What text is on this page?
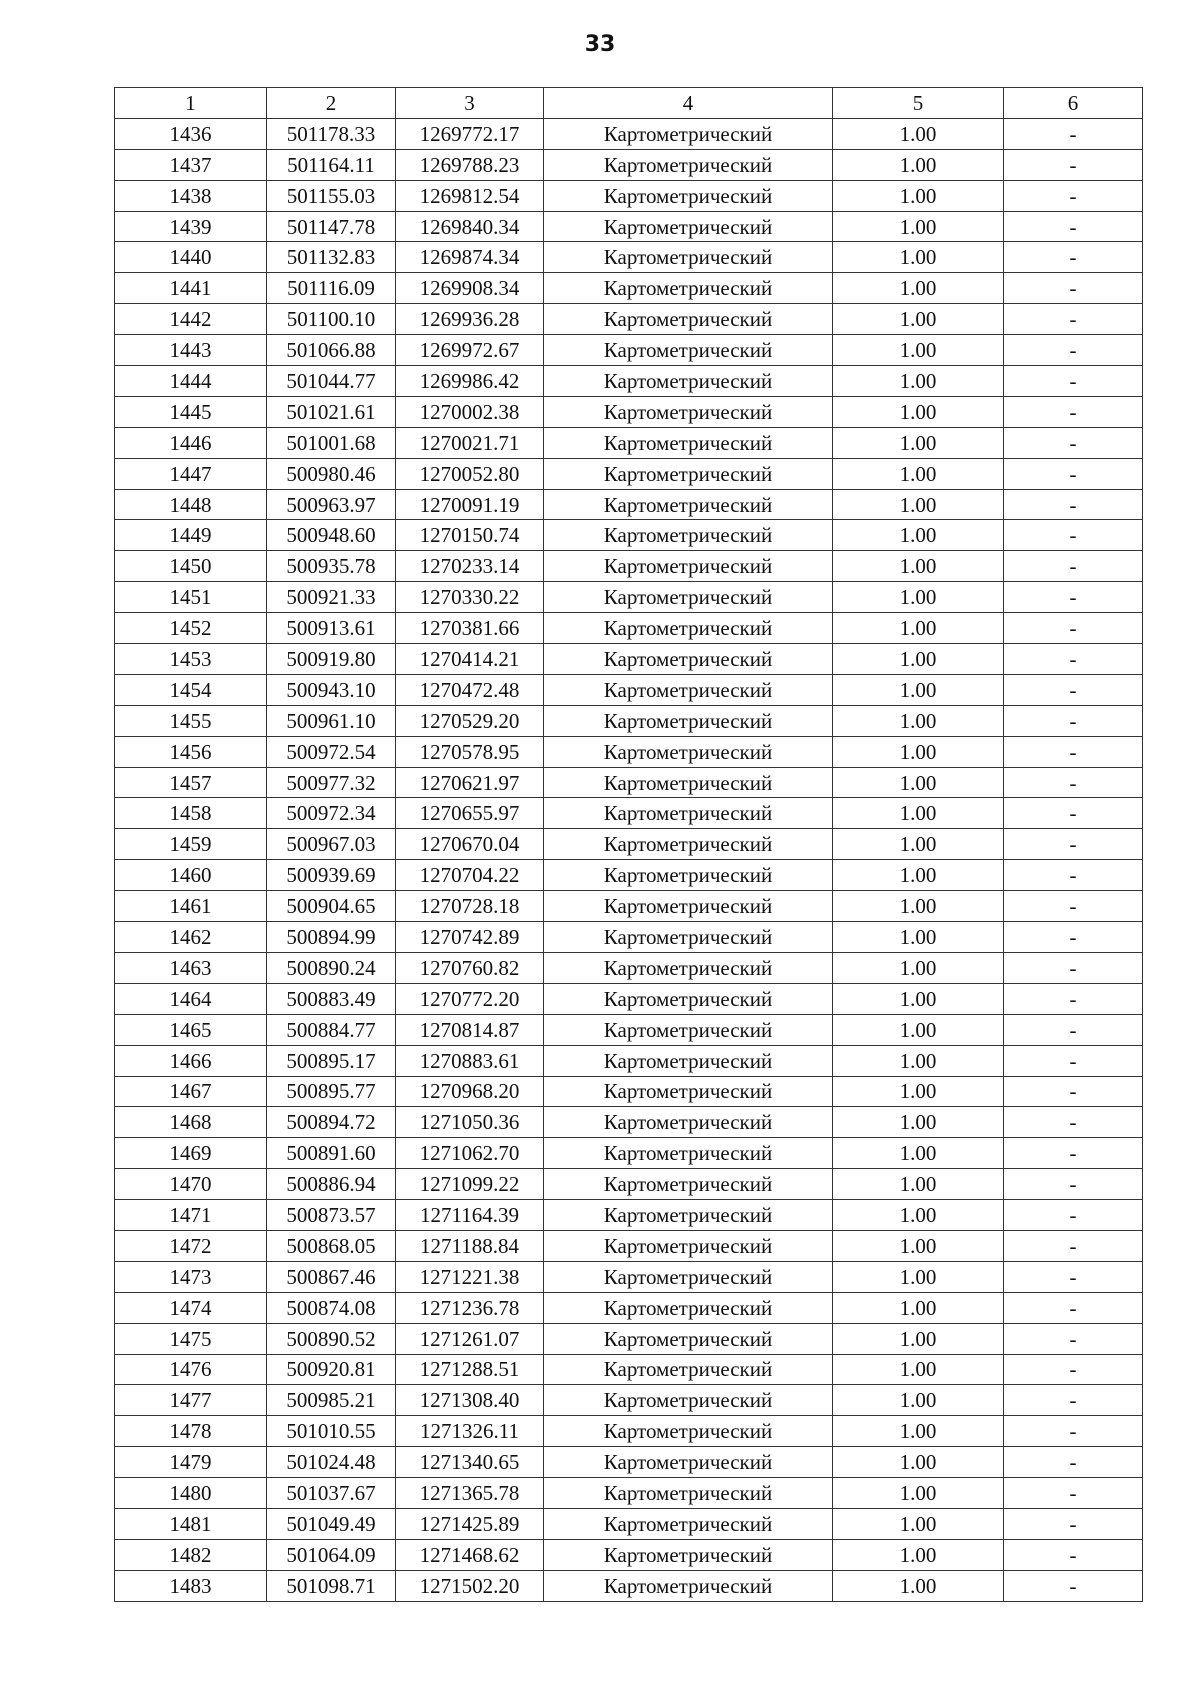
33
1	2	3	4	5	6
1436	501178.33	1269772.17	Картометрический	1.00	-
1437	501164.11	1269788.23	Картометрический	1.00	-
1438	501155.03	1269812.54	Картометрический	1.00	-
1439	501147.78	1269840.34	Картометрический	1.00	-
1440	501132.83	1269874.34	Картометрический	1.00	-
1441	501116.09	1269908.34	Картометрический	1.00	-
1442	501100.10	1269936.28	Картометрический	1.00	-
1443	501066.88	1269972.67	Картометрический	1.00	-
1444	501044.77	1269986.42	Картометрический	1.00	-
1445	501021.61	1270002.38	Картометрический	1.00	-
1446	501001.68	1270021.71	Картометрический	1.00	-
1447	500980.46	1270052.80	Картометрический	1.00	-
1448	500963.97	1270091.19	Картометрический	1.00	-
1449	500948.60	1270150.74	Картометрический	1.00	-
1450	500935.78	1270233.14	Картометрический	1.00	-
1451	500921.33	1270330.22	Картометрический	1.00	-
1452	500913.61	1270381.66	Картометрический	1.00	-
1453	500919.80	1270414.21	Картометрический	1.00	-
1454	500943.10	1270472.48	Картометрический	1.00	-
1455	500961.10	1270529.20	Картометрический	1.00	-
1456	500972.54	1270578.95	Картометрический	1.00	-
1457	500977.32	1270621.97	Картометрический	1.00	-
1458	500972.34	1270655.97	Картометрический	1.00	-
1459	500967.03	1270670.04	Картометрический	1.00	-
1460	500939.69	1270704.22	Картометрический	1.00	-
1461	500904.65	1270728.18	Картометрический	1.00	-
1462	500894.99	1270742.89	Картометрический	1.00	-
1463	500890.24	1270760.82	Картометрический	1.00	-
1464	500883.49	1270772.20	Картометрический	1.00	-
1465	500884.77	1270814.87	Картометрический	1.00	-
1466	500895.17	1270883.61	Картометрический	1.00	-
1467	500895.77	1270968.20	Картометрический	1.00	-
1468	500894.72	1271050.36	Картометрический	1.00	-
1469	500891.60	1271062.70	Картометрический	1.00	-
1470	500886.94	1271099.22	Картометрический	1.00	-
1471	500873.57	1271164.39	Картометрический	1.00	-
1472	500868.05	1271188.84	Картометрический	1.00	-
1473	500867.46	1271221.38	Картометрический	1.00	-
1474	500874.08	1271236.78	Картометрический	1.00	-
1475	500890.52	1271261.07	Картометрический	1.00	-
1476	500920.81	1271288.51	Картометрический	1.00	-
1477	500985.21	1271308.40	Картометрический	1.00	-
1478	501010.55	1271326.11	Картометрический	1.00	-
1479	501024.48	1271340.65	Картометрический	1.00	-
1480	501037.67	1271365.78	Картометрический	1.00	-
1481	501049.49	1271425.89	Картометрический	1.00	-
1482	501064.09	1271468.62	Картометрический	1.00	-
1483	501098.71	1271502.20	Картометрический	1.00	-
